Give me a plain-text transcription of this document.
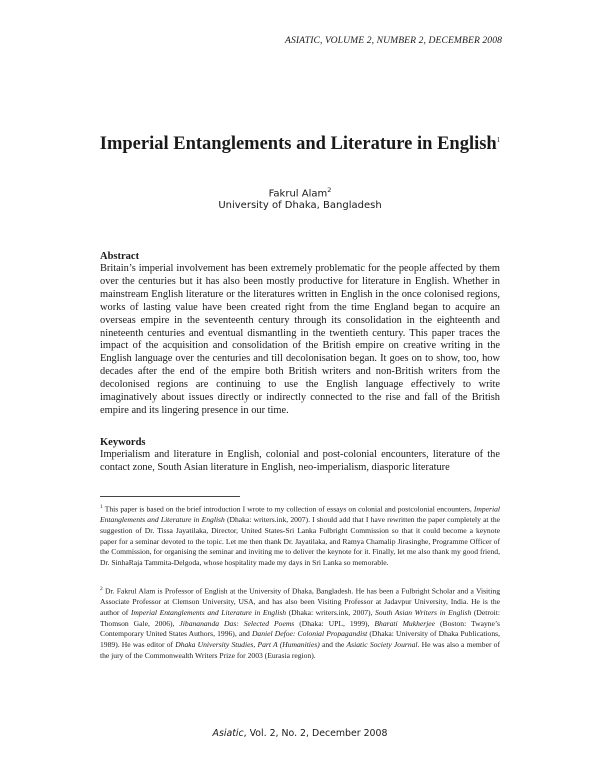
ASIATIC, VOLUME 2, NUMBER 2, DECEMBER 2008
Imperial Entanglements and Literature in English$^1$
Fakrul Alam$^2$
University of Dhaka, Bangladesh
Abstract

Britain’s imperial involvement has been extremely problematic for the people affected by them over the centuries but it has also been mostly productive for literature in English. Whether in mainstream English literature or the literatures written in English in the once colonised regions, works of lasting value have been created right from the time England began to acquire an overseas empire in the seventeenth century through its consolidation in the eighteenth and nineteenth centuries and eventual dismantling in the twentieth century. This paper traces the impact of the acquisition and consolidation of the British empire on creative writing in the English language over the centuries and till decolonisation began. It goes on to show, too, how decades after the end of the empire both British writers and non-British writers from the decolonised regions are continuing to use the English language effectively to write imaginatively about issues directly or indirectly connected to the rise and fall of the British empire and its lingering presence in our time.

Keywords

Imperialism and literature in English, colonial and post-colonial encounters, literature of the contact zone, South Asian literature in English, neo-imperialism, diasporic literature

$^1$ This paper is based on the brief introduction I wrote to my collection of essays on colonial and postcolonial encounters, Imperial Entanglements and Literature in English (Dhaka: writers.ink, 2007). I should add that I have rewritten the paper completely at the suggestion of Dr. Tissa Jayatilaka, Director, United States-Sri Lanka Fulbright Commission so that it could become a keynote paper for a seminar devoted to the topic. Let me then thank Dr. Jayatilaka, and Ramya Chamalip Jirasinghe, Programme Officer of the Commission, for organising the seminar and inviting me to deliver the keynote for it. Finally, let me also thank my good friend, Dr. SinhaRaja Tammita-Delgoda, whose hospitality made my days in Sri Lanka so memorable.

$^2$ Dr. Fakrul Alam is Professor of English at the University of Dhaka, Bangladesh. He has been a Fulbright Scholar and a Visiting Associate Professor at Clemson University, USA, and has also been Visiting Professor at Jadavpur University, India. He is the author of Imperial Entanglements and Literature in English (Dhaka: writers.ink, 2007), South Asian Writers in English (Detroit: Thomson Gale, 2006), Jibanananda Das: Selected Poems (Dhaka: UPL, 1999), Bharati Mukherjee (Boston: Twayne’s Contemporary United States Authors, 1996), and Daniel Defoe: Colonial Propagandist (Dhaka: University of Dhaka Publications, 1989). He was editor of Dhaka University Studies, Part A (Humanities) and the Asiatic Society Journal. He was also a member of the jury of the Commonwealth Writers Prize for 2003 (Eurasia region).

Asiatic, Vol. 2, No. 2, December 2008
